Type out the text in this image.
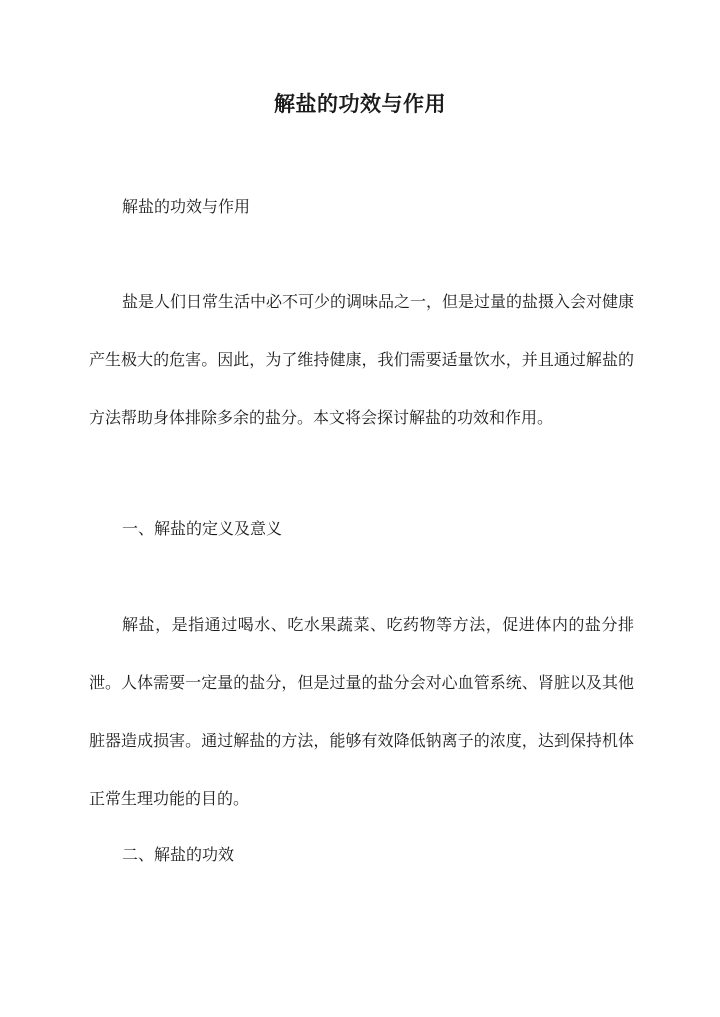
解盐的功效与作用

解盐的功效与作用

盐是人们日常生活中必不可少的调味品之一，但是过量的盐摄入会对健康产生极大的危害。因此，为了维持健康，我们需要适量饮水，并且通过解盐的方法帮助身体排除多余的盐分。本文将会探讨解盐的功效和作用。

一、解盐的定义及意义

解盐，是指通过喝水、吃水果蔬菜、吃药物等方法，促进体内的盐分排泄。人体需要一定量的盐分，但是过量的盐分会对心血管系统、肾脏以及其他脏器造成损害。通过解盐的方法，能够有效降低钠离子的浓度，达到保持机体正常生理功能的目的。

二、解盐的功效
